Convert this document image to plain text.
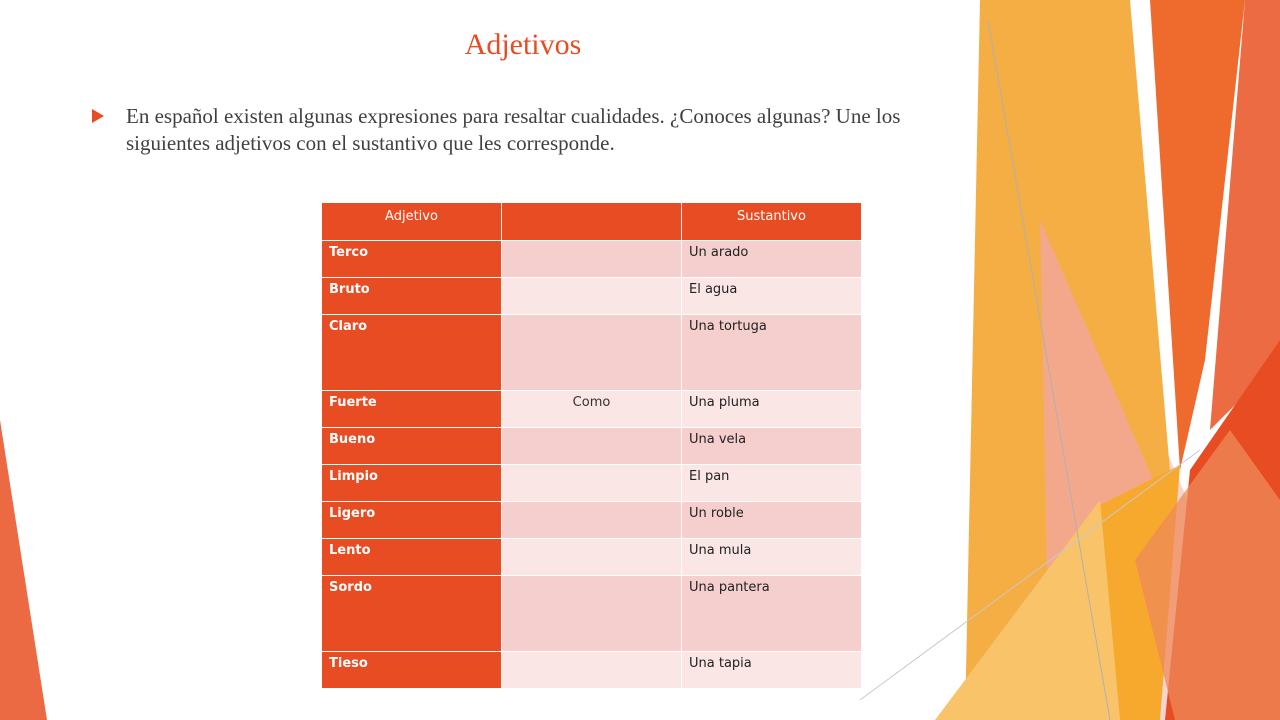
Adjetivos

En español existen algunas expresiones para resaltar cualidades. ¿Conoces algunas? Une los siguientes adjetivos con el sustantivo que les corresponde.

Adjetivo		Sustantivo
Terco		Un arado
Bruto		El agua
Claro		Una tortuga
Fuerte	Como	Una pluma
Bueno		Una vela
Limpio		El pan
Ligero		Un roble
Lento		Una mula
Sordo		Una pantera
Tieso		Una tapia
